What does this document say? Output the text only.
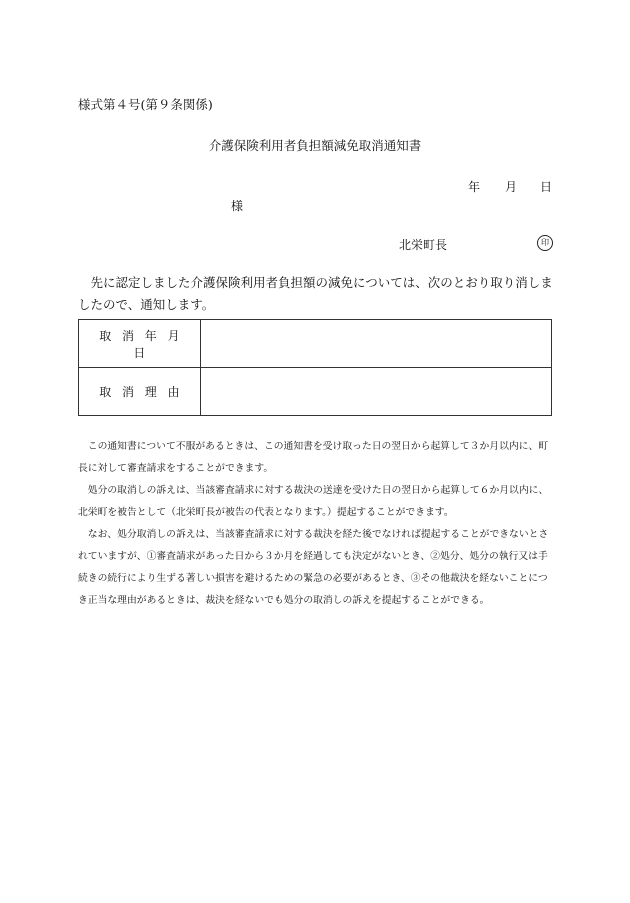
様式第４号(第９条関係)
介護保険利用者負担額減免取消通知書
年 月 日
様
北栄町長	印
先に認定しました介護保険利用者負担額の減免については、次のとおり取り消しましたので、通知します。
取消年月日	
取消理由	

この通知書について不服があるときは、この通知書を受け取った日の翌日から起算して３か月以内に、町長に対して審査請求をすることができます。

処分の取消しの訴えは、当該審査請求に対する裁決の送達を受けた日の翌日から起算して６か月以内に、北栄町を被告として（北栄町長が被告の代表となります。）提起することができます。

なお、処分取消しの訴えは、当該審査請求に対する裁決を経た後でなければ提起することができないとされていますが、①審査請求があった日から３か月を経過しても決定がないとき、②処分、処分の執行又は手続きの続行により生ずる著しい損害を避けるための緊急の必要があるとき、③その他裁決を経ないことにつき正当な理由があるときは、裁決を経ないでも処分の取消しの訴えを提起することができる。
